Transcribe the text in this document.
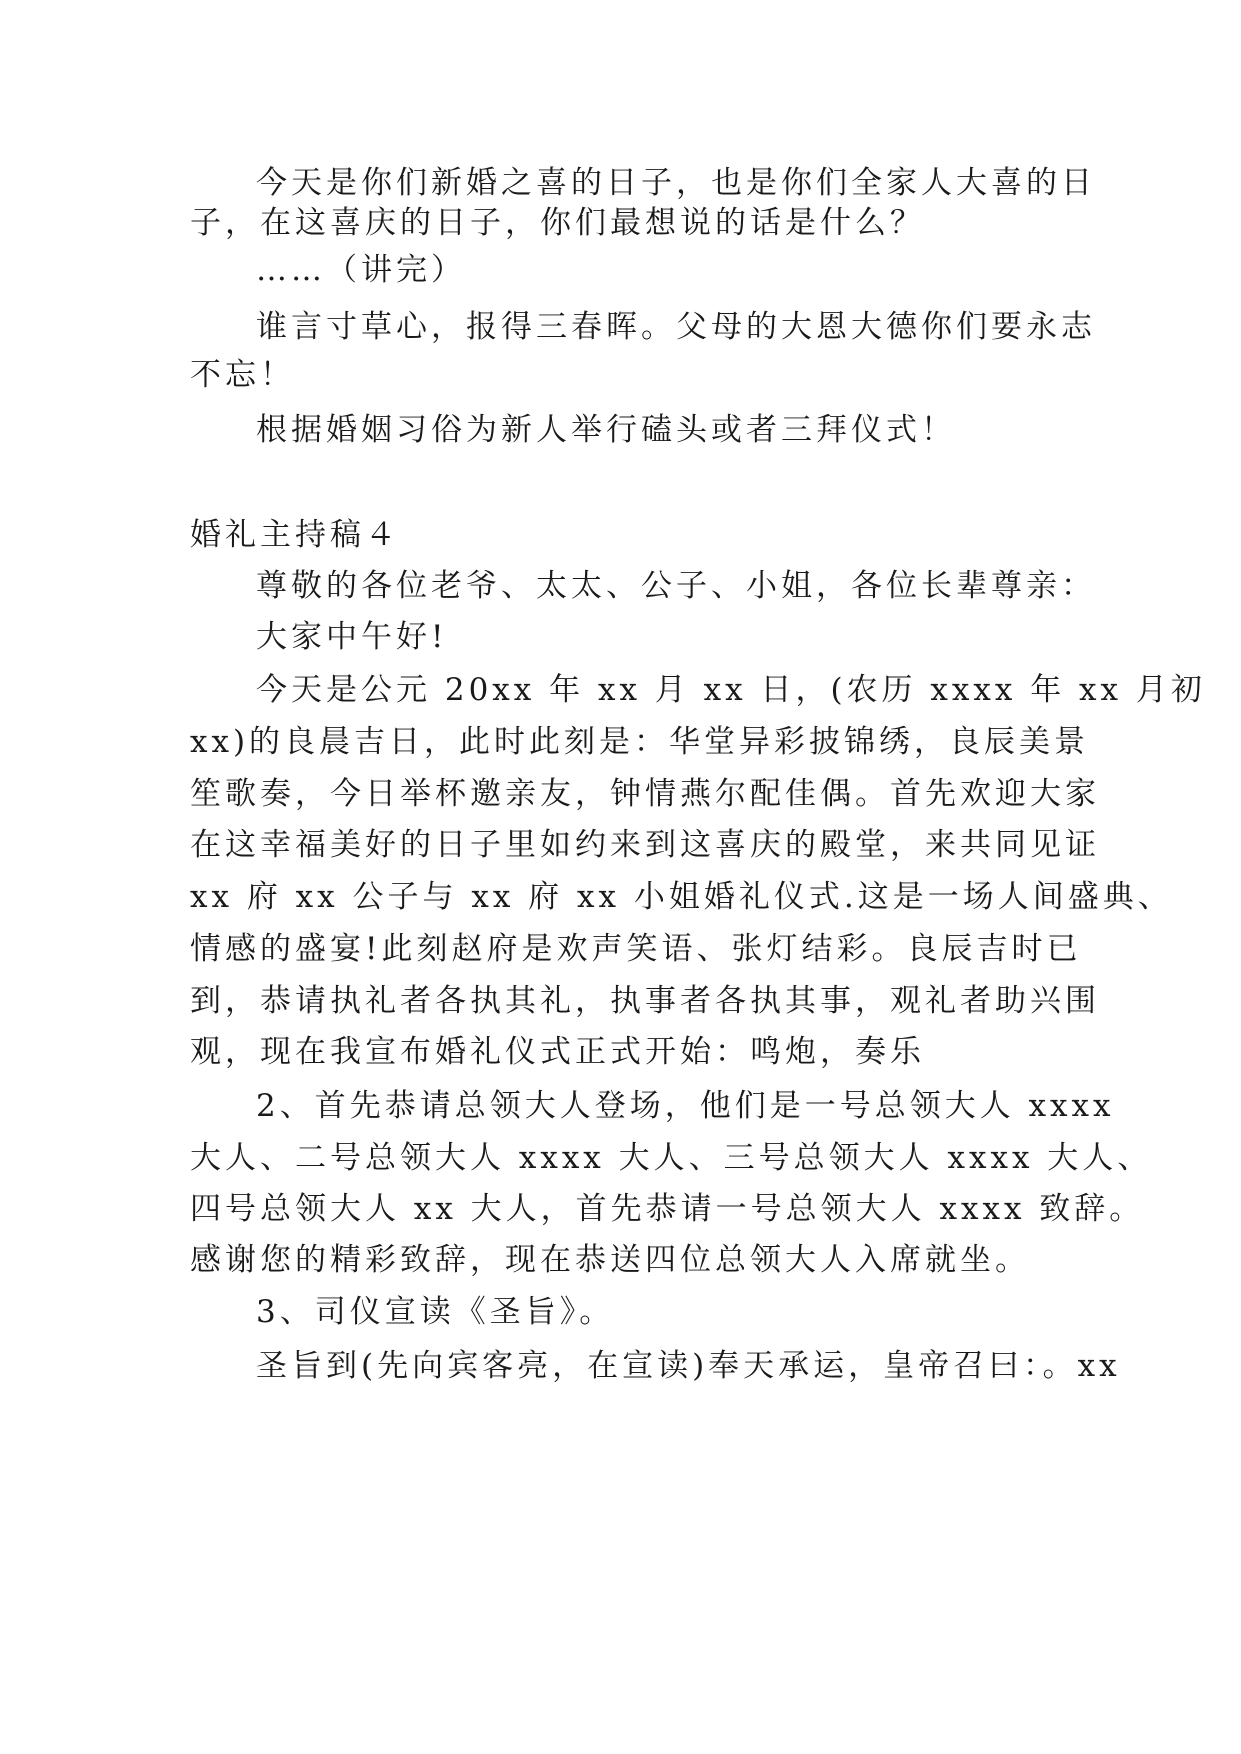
今天是你们新婚之喜的日子，也是你们全家人大喜的日

子，在这喜庆的日子，你们最想说的话是什么？

……（讲完）

谁言寸草心，报得三春晖。父母的大恩大德你们要永志

不忘！

根据婚姻习俗为新人举行磕头或者三拜仪式！

婚礼主持稿４

尊敬的各位老爷、太太、公子、小姐，各位长辈尊亲：

大家中午好!

今天是公元 20xx 年 xx 月 xx 日，(农历 xxxx 年 xx 月初

xx)的良晨吉日，此时此刻是：华堂异彩披锦绣，良辰美景

笙歌奏，今日举杯邀亲友，钟情燕尔配佳偶。首先欢迎大家

在这幸福美好的日子里如约来到这喜庆的殿堂，来共同见证

xx 府 xx 公子与 xx 府 xx 小姐婚礼仪式.这是一场人间盛典、

情感的盛宴!此刻赵府是欢声笑语、张灯结彩。良辰吉时已

到，恭请执礼者各执其礼，执事者各执其事，观礼者助兴围

观，现在我宣布婚礼仪式正式开始：鸣炮，奏乐

2、首先恭请总领大人登场，他们是一号总领大人 xxxx

大人、二号总领大人 xxxx 大人、三号总领大人 xxxx 大人、

四号总领大人 xx 大人，首先恭请一号总领大人 xxxx 致辞。

感谢您的精彩致辞，现在恭送四位总领大人入席就坐。

3、司仪宣读《圣旨》。

圣旨到(先向宾客亮，在宣读)奉天承运，皇帝召曰：。xx
